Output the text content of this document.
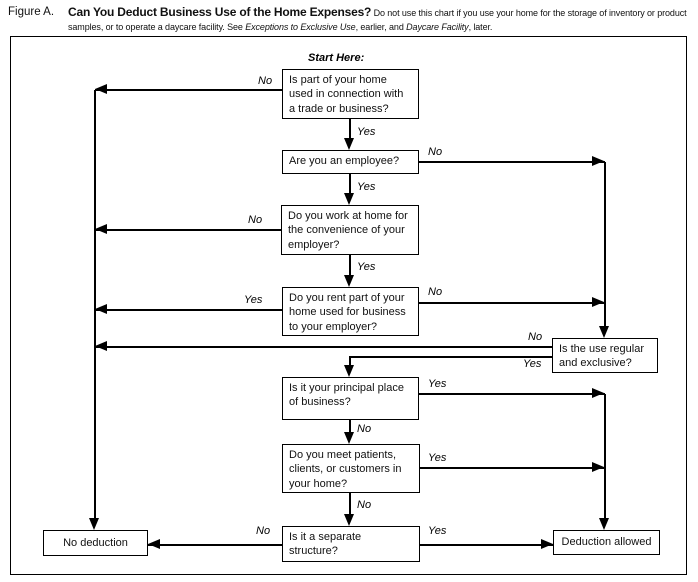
Figure A.	Can You Deduct Business Use of the Home Expenses? Do not use this chart if you use your home for the storage of inventory or product samples, or to operate a daycare facility. See Exceptions to Exclusive Use, earlier, and Daycare Facility, later.
Start Here:
Is part of your home used in connection with a trade or business?
Are you an employee?
Do you work at home for the convenience of your employer?
Do you rent part of your home used for business to your employer?
Is the use regular and exclusive?
Is it your principal place of business?
Do you meet patients, clients, or customers in your home?
Is it a separate structure?
No deduction	Deduction allowed
No
Yes
No
Yes
No
Yes
Yes
No
No
Yes
Yes
No
Yes
No
No	Yes
